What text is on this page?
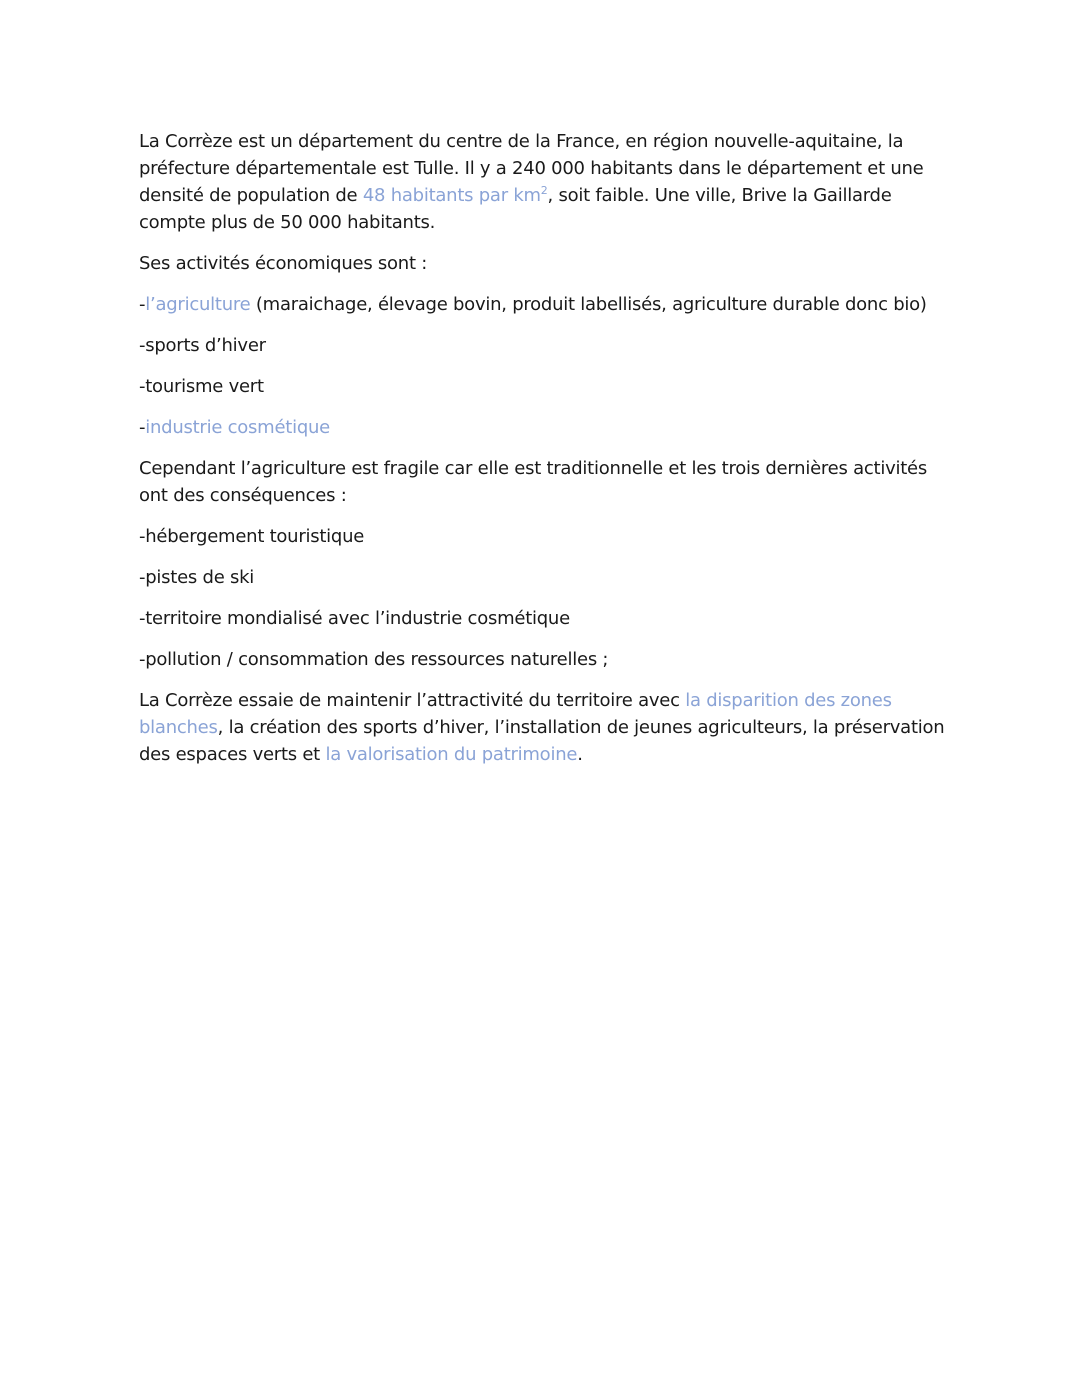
La Corrèze est un département du centre de la France, en région nouvelle-aquitaine, la préfecture départementale est Tulle. Il y a 240 000 habitants dans le département et une densité de population de 48 habitants par $km^2$, soit faible. Une ville, Brive la Gaillarde compte plus de 50 000 habitants.

Ses activités économiques sont :

-l’agriculture (maraichage, élevage bovin, produit labellisés, agriculture durable donc bio)

-sports d’hiver

-tourisme vert

-industrie cosmétique

Cependant l’agriculture est fragile car elle est traditionnelle et les trois dernières activités ont des conséquences :

-hébergement touristique

-pistes de ski

-territoire mondialisé avec l’industrie cosmétique

-pollution / consommation des ressources naturelles ;

La Corrèze essaie de maintenir l’attractivité du territoire avec la disparition des zones blanches, la création des sports d’hiver, l’installation de jeunes agriculteurs, la préservation des espaces verts et la valorisation du patrimoine.
